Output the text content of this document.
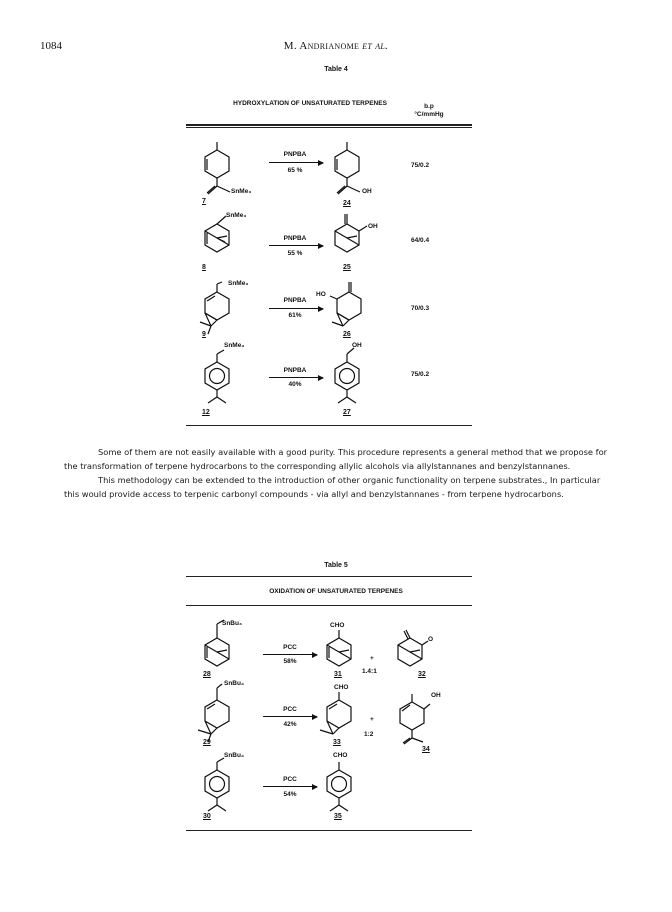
1084	M. Andrianome et al.
Table 4
HYDROXYLATION OF UNSATURATED TERPENES	b.p
°C/mmHg
SnMe₃
7
PNPBA
65 %
OH
24
75/0.2
SnMe₃
8
PNPBA
55 %
OH
25
64/0.4
SnMe₃
9
PNPBA
61%
HO
26
70/0.3
SnMe₃
12
PNPBA
40%
OH
27
75/0.2

Some of them are not easily available with a good purity. This procedure represents a general method that we propose for the transformation of terpene hydrocarbons to the corresponding allylic alcohols via allylstannanes and benzylstannanes.

This methodology can be extended to the introduction of other organic functionality on terpene substrates., In particular this would provide access to terpenic carbonyl compounds - via allyl and benzylstannanes - from terpene hydrocarbons.

Table 5
OXIDATION OF UNSATURATED TERPENES
SnBu₃
28
PCC
58%
CHO
31
+
1.4:1
O
32
SnBu₃
29
PCC
42%
CHO
33
+
1:2
OH
34
SnBu₃
30
PCC
54%
CHO
35
